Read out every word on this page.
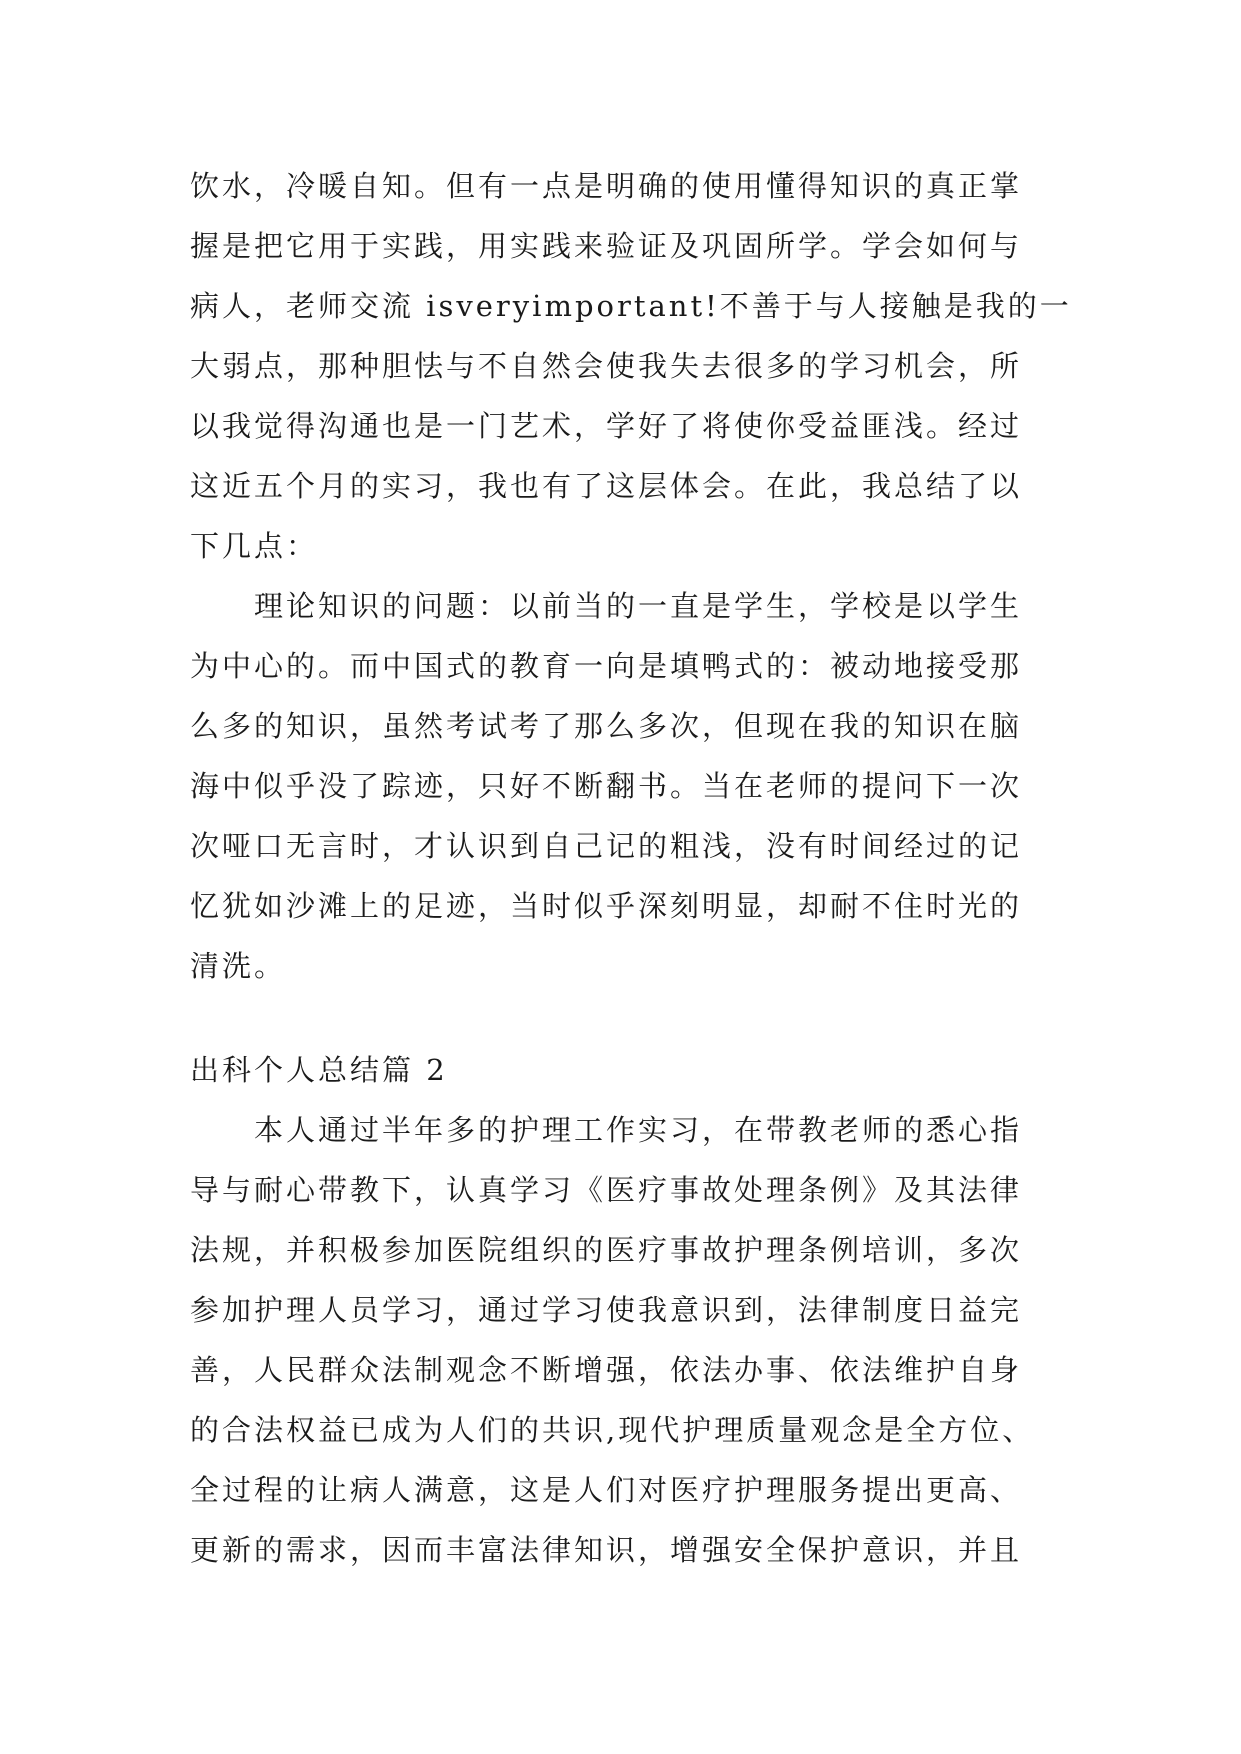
饮水，冷暖自知。但有一点是明确的使用懂得知识的真正掌
握是把它用于实践，用实践来验证及巩固所学。学会如何与
病人，老师交流 isveryimportant!不善于与人接触是我的一
大弱点，那种胆怯与不自然会使我失去很多的学习机会，所
以我觉得沟通也是一门艺术，学好了将使你受益匪浅。经过
这近五个月的实习，我也有了这层体会。在此，我总结了以
下几点：
理论知识的问题：以前当的一直是学生，学校是以学生
为中心的。而中国式的教育一向是填鸭式的：被动地接受那
么多的知识，虽然考试考了那么多次，但现在我的知识在脑
海中似乎没了踪迹，只好不断翻书。当在老师的提问下一次
次哑口无言时，才认识到自己记的粗浅，没有时间经过的记
忆犹如沙滩上的足迹，当时似乎深刻明显，却耐不住时光的
清洗。
出科个人总结篇 2
本人通过半年多的护理工作实习，在带教老师的悉心指
导与耐心带教下，认真学习《医疗事故处理条例》及其法律
法规，并积极参加医院组织的医疗事故护理条例培训，多次
参加护理人员学习，通过学习使我意识到，法律制度日益完
善，人民群众法制观念不断增强，依法办事、依法维护自身
的合法权益已成为人们的共识,现代护理质量观念是全方位、
全过程的让病人满意，这是人们对医疗护理服务提出更高、
更新的需求，因而丰富法律知识，增强安全保护意识，并且
